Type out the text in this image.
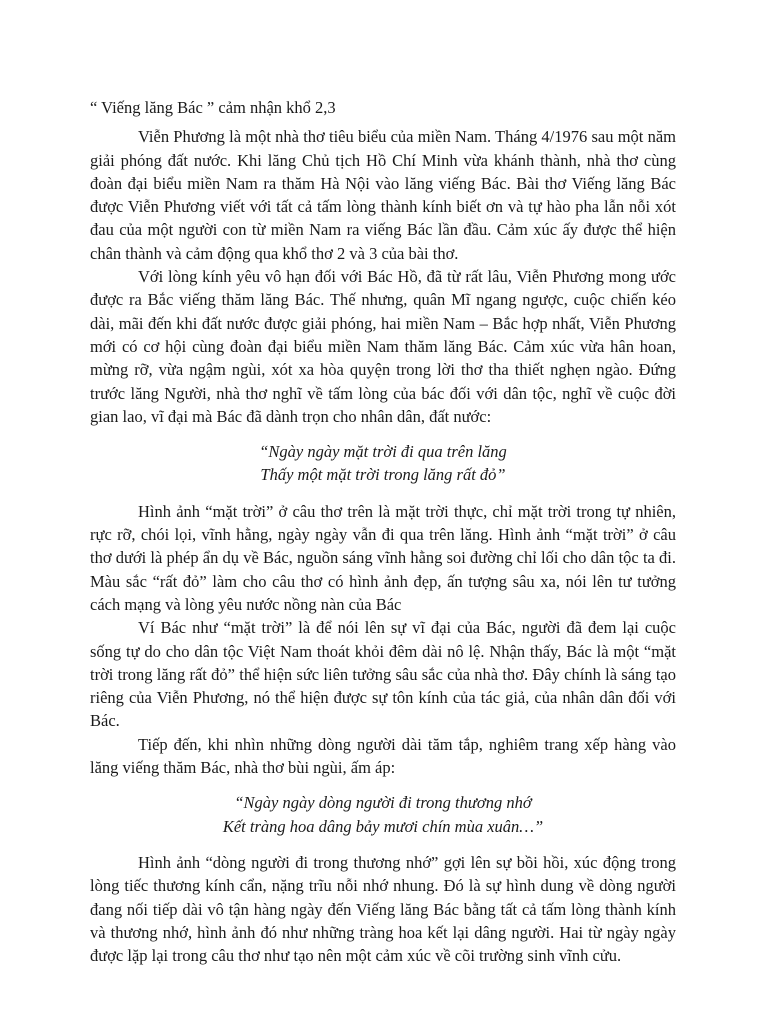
“ Viếng lăng Bác ” cảm nhận khổ 2,3

Viễn Phương là một nhà thơ tiêu biểu của miền Nam. Tháng 4/1976 sau một năm giải phóng đất nước. Khi lăng Chủ tịch Hồ Chí Minh vừa khánh thành, nhà thơ cùng đoàn đại biểu miền Nam ra thăm Hà Nội vào lăng viếng Bác. Bài thơ Viếng lăng Bác được Viễn Phương viết với tất cả tấm lòng thành kính biết ơn và tự hào pha lẫn nỗi xót đau của một người con từ miền Nam ra viếng Bác lần đầu. Cảm xúc ấy được thể hiện chân thành và cảm động qua khổ thơ 2 và 3 của bài thơ.

Với lòng kính yêu vô hạn đối với Bác Hồ, đã từ rất lâu, Viễn Phương mong ước được ra Bắc viếng thăm lăng Bác. Thế nhưng, quân Mĩ ngang ngược, cuộc chiến kéo dài, mãi đến khi đất nước được giải phóng, hai miền Nam – Bắc hợp nhất, Viễn Phương mới có cơ hội cùng đoàn đại biểu miền Nam thăm lăng Bác. Cảm xúc vừa hân hoan, mừng rỡ, vừa ngậm ngùi, xót xa hòa quyện trong lời thơ tha thiết nghẹn ngào. Đứng trước lăng Người, nhà thơ nghĩ về tấm lòng của bác đối với dân tộc, nghĩ về cuộc đời gian lao, vĩ đại mà Bác đã dành trọn cho nhân dân, đất nước:

“Ngày ngày mặt trời đi qua trên lăng
Thấy một mặt trời trong lăng rất đỏ”

Hình ảnh “mặt trời” ở câu thơ trên là mặt trời thực, chỉ mặt trời trong tự nhiên, rực rỡ, chói lọi, vĩnh hằng, ngày ngày vẫn đi qua trên lăng. Hình ảnh “mặt trời” ở câu thơ dưới là phép ẩn dụ về Bác, nguồn sáng vĩnh hằng soi đường chỉ lối cho dân tộc ta đi. Màu sắc “rất đỏ” làm cho câu thơ có hình ảnh đẹp, ấn tượng sâu xa, nói lên tư tưởng cách mạng và lòng yêu nước nồng nàn của Bác

Ví Bác như “mặt trời” là để nói lên sự vĩ đại của Bác, người đã đem lại cuộc sống tự do cho dân tộc Việt Nam thoát khỏi đêm dài nô lệ. Nhận thấy, Bác là một “mặt trời trong lăng rất đỏ” thể hiện sức liên tưởng sâu sắc của nhà thơ. Đây chính là sáng tạo riêng của Viễn Phương, nó thể hiện được sự tôn kính của tác giả, của nhân dân đối với Bác.

Tiếp đến, khi nhìn những dòng người dài tăm tắp, nghiêm trang xếp hàng vào lăng viếng thăm Bác, nhà thơ bùi ngùi, ấm áp:

“Ngày ngày dòng người đi trong thương nhớ
Kết tràng hoa dâng bảy mươi chín mùa xuân…”

Hình ảnh “dòng người đi trong thương nhớ” gợi lên sự bồi hồi, xúc động trong lòng tiếc thương kính cẩn, nặng trĩu nỗi nhớ nhung. Đó là sự hình dung về dòng người đang nối tiếp dài vô tận hàng ngày đến Viếng lăng Bác bằng tất cả tấm lòng thành kính và thương nhớ, hình ảnh đó như những tràng hoa kết lại dâng người. Hai từ ngày ngày được lặp lại trong câu thơ như tạo nên một cảm xúc về cõi trường sinh vĩnh cửu.
